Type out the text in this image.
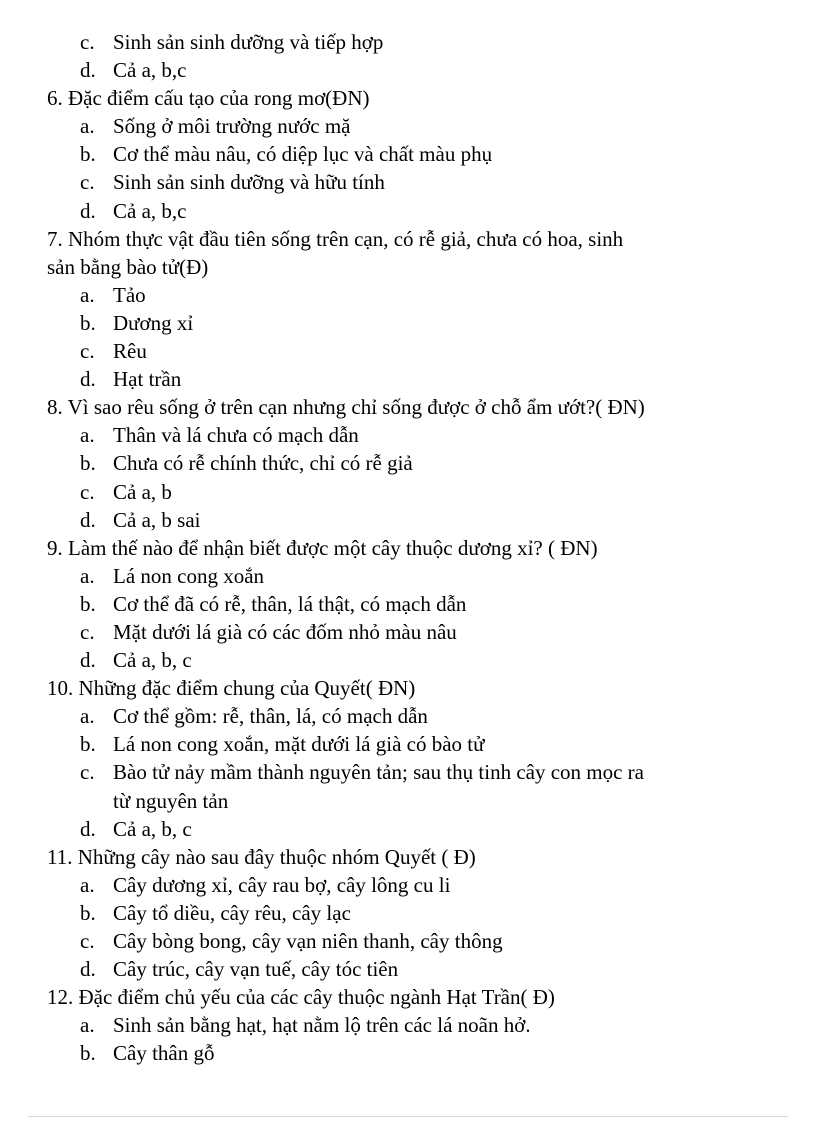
c. Sinh sản sinh dưỡng và tiếp hợp
d. Cả a, b,c
6. Đặc điểm cấu tạo của rong mơ(ĐN)
a. Sống ở môi trường nước mặ
b. Cơ thể màu nâu, có diệp lục và chất màu phụ
c. Sinh sản sinh dưỡng và hữu tính
d. Cả a, b,c
7. Nhóm thực vật đầu tiên sống trên cạn, có rễ giả, chưa có hoa, sinh
sản bằng bào tử(Đ)
a. Tảo
b. Dương xỉ
c. Rêu
d. Hạt trần
8. Vì sao rêu sống ở trên cạn nhưng chỉ sống được ở chỗ ẩm ướt?( ĐN)
a. Thân và lá chưa có mạch dẫn
b. Chưa có rễ chính thức, chỉ có rễ giả
c. Cả a, b
d. Cả a, b sai
9. Làm thế nào để nhận biết được một cây thuộc dương xỉ? ( ĐN)
a. Lá non cong xoắn
b. Cơ thể đã có rễ, thân, lá thật, có mạch dẫn
c. Mặt dưới lá già có các đốm nhỏ màu nâu
d. Cả a, b, c
10. Những đặc điểm chung của Quyết( ĐN)
a. Cơ thể gồm: rễ, thân, lá, có mạch dẫn
b. Lá non cong xoắn, mặt dưới lá già có bào tử
c. Bào tử nảy mầm thành nguyên tản; sau thụ tinh cây con mọc ra
từ nguyên tản
d. Cả a, b, c
11. Những cây nào sau đây thuộc nhóm Quyết ( Đ)
a. Cây dương xỉ, cây rau bợ, cây lông cu li
b. Cây tổ diều, cây rêu, cây lạc
c. Cây bòng bong, cây vạn niên thanh, cây thông
d. Cây trúc, cây vạn tuế, cây tóc tiên
12. Đặc điểm chủ yếu của các cây thuộc ngành Hạt Trần( Đ)
a. Sinh sản bằng hạt, hạt nằm lộ trên các lá noãn hở.
b. Cây thân gỗ
